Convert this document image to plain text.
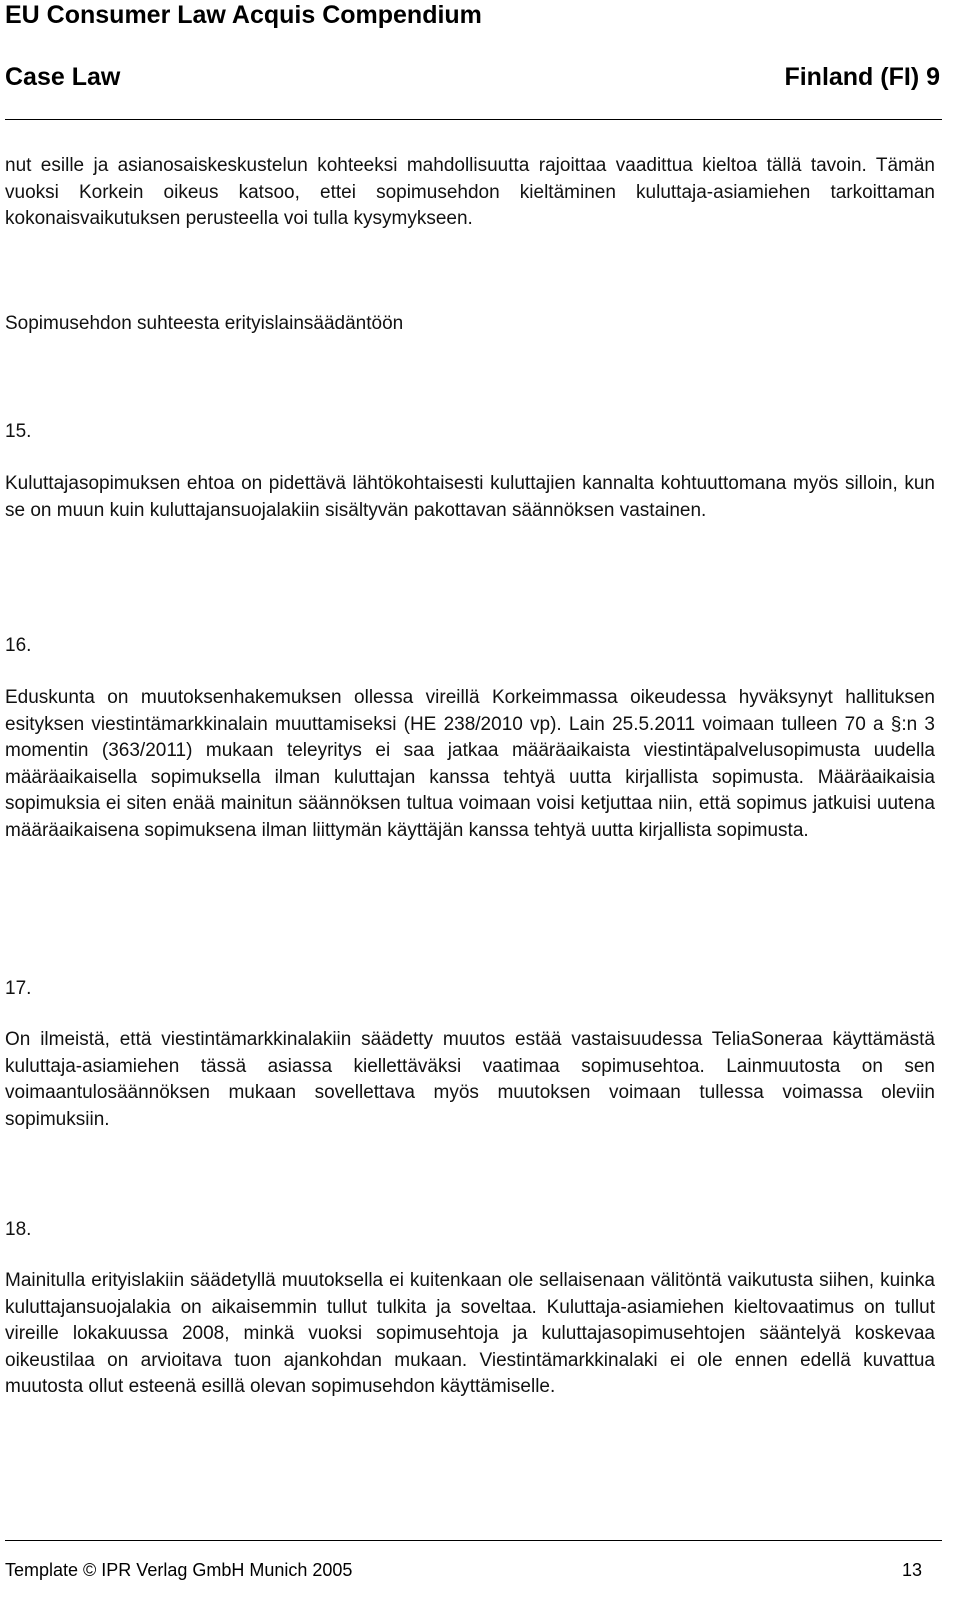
EU Consumer Law Acquis Compendium
Case Law	Finland (FI) 9
nut esille ja asianosaiskeskustelun kohteeksi mahdollisuutta rajoittaa vaadittua kieltoa tällä tavoin. Tämän vuoksi Korkein oikeus katsoo, ettei sopimusehdon kieltäminen kuluttaja-asiamiehen tarkoittaman kokonaisvaikutuksen perusteella voi tulla kysymykseen.
Sopimusehdon suhteesta erityislainsäädäntöön
15.
Kuluttajasopimuksen ehtoa on pidettävä lähtökohtaisesti kuluttajien kannalta kohtuuttomana myös silloin, kun se on muun kuin kuluttajansuojalakiin sisältyvän pakottavan säännöksen vastainen.
16.
Eduskunta on muutoksenhakemuksen ollessa vireillä Korkeimmassa oikeudessa hyväksynyt hallituksen esityksen viestintämarkkinalain muuttamiseksi (HE 238/2010 vp). Lain 25.5.2011 voimaan tulleen 70 a §:n 3 momentin (363/2011) mukaan teleyritys ei saa jatkaa määräaikaista viestintäpalvelusopimusta uudella määräaikaisella sopimuksella ilman kuluttajan kanssa tehtyä uutta kirjallista sopimusta. Määräaikaisia sopimuksia ei siten enää mainitun säännöksen tultua voimaan voisi ketjuttaa niin, että sopimus jatkuisi uutena määräaikaisena sopimuksena ilman liittymän käyttäjän kanssa tehtyä uutta kirjallista sopimusta.
17.
On ilmeistä, että viestintämarkkinalakiin säädetty muutos estää vastaisuudessa TeliaSoneraa käyttämästä kuluttaja-asiamiehen tässä asiassa kiellettäväksi vaatimaa sopimusehtoa. Lainmuutosta on sen voimaantulosäännöksen mukaan sovellettava myös muutoksen voimaan tullessa voimassa oleviin sopimuksiin.
18.
Mainitulla erityislakiin säädetyllä muutoksella ei kuitenkaan ole sellaisenaan välitöntä vaikutusta siihen, kuinka kuluttajansuojalakia on aikaisemmin tullut tulkita ja soveltaa. Kuluttaja-asiamiehen kieltovaatimus on tullut vireille lokakuussa 2008, minkä vuoksi sopimusehtoja ja kuluttajasopimusehtojen sääntelyä koskevaa oikeustilaa on arvioitava tuon ajankohdan mukaan. Viestintämarkkinalaki ei ole ennen edellä kuvattua muutosta ollut esteenä esillä olevan sopimusehdon käyttämiselle.
Template © IPR Verlag GmbH Munich 2005	13
